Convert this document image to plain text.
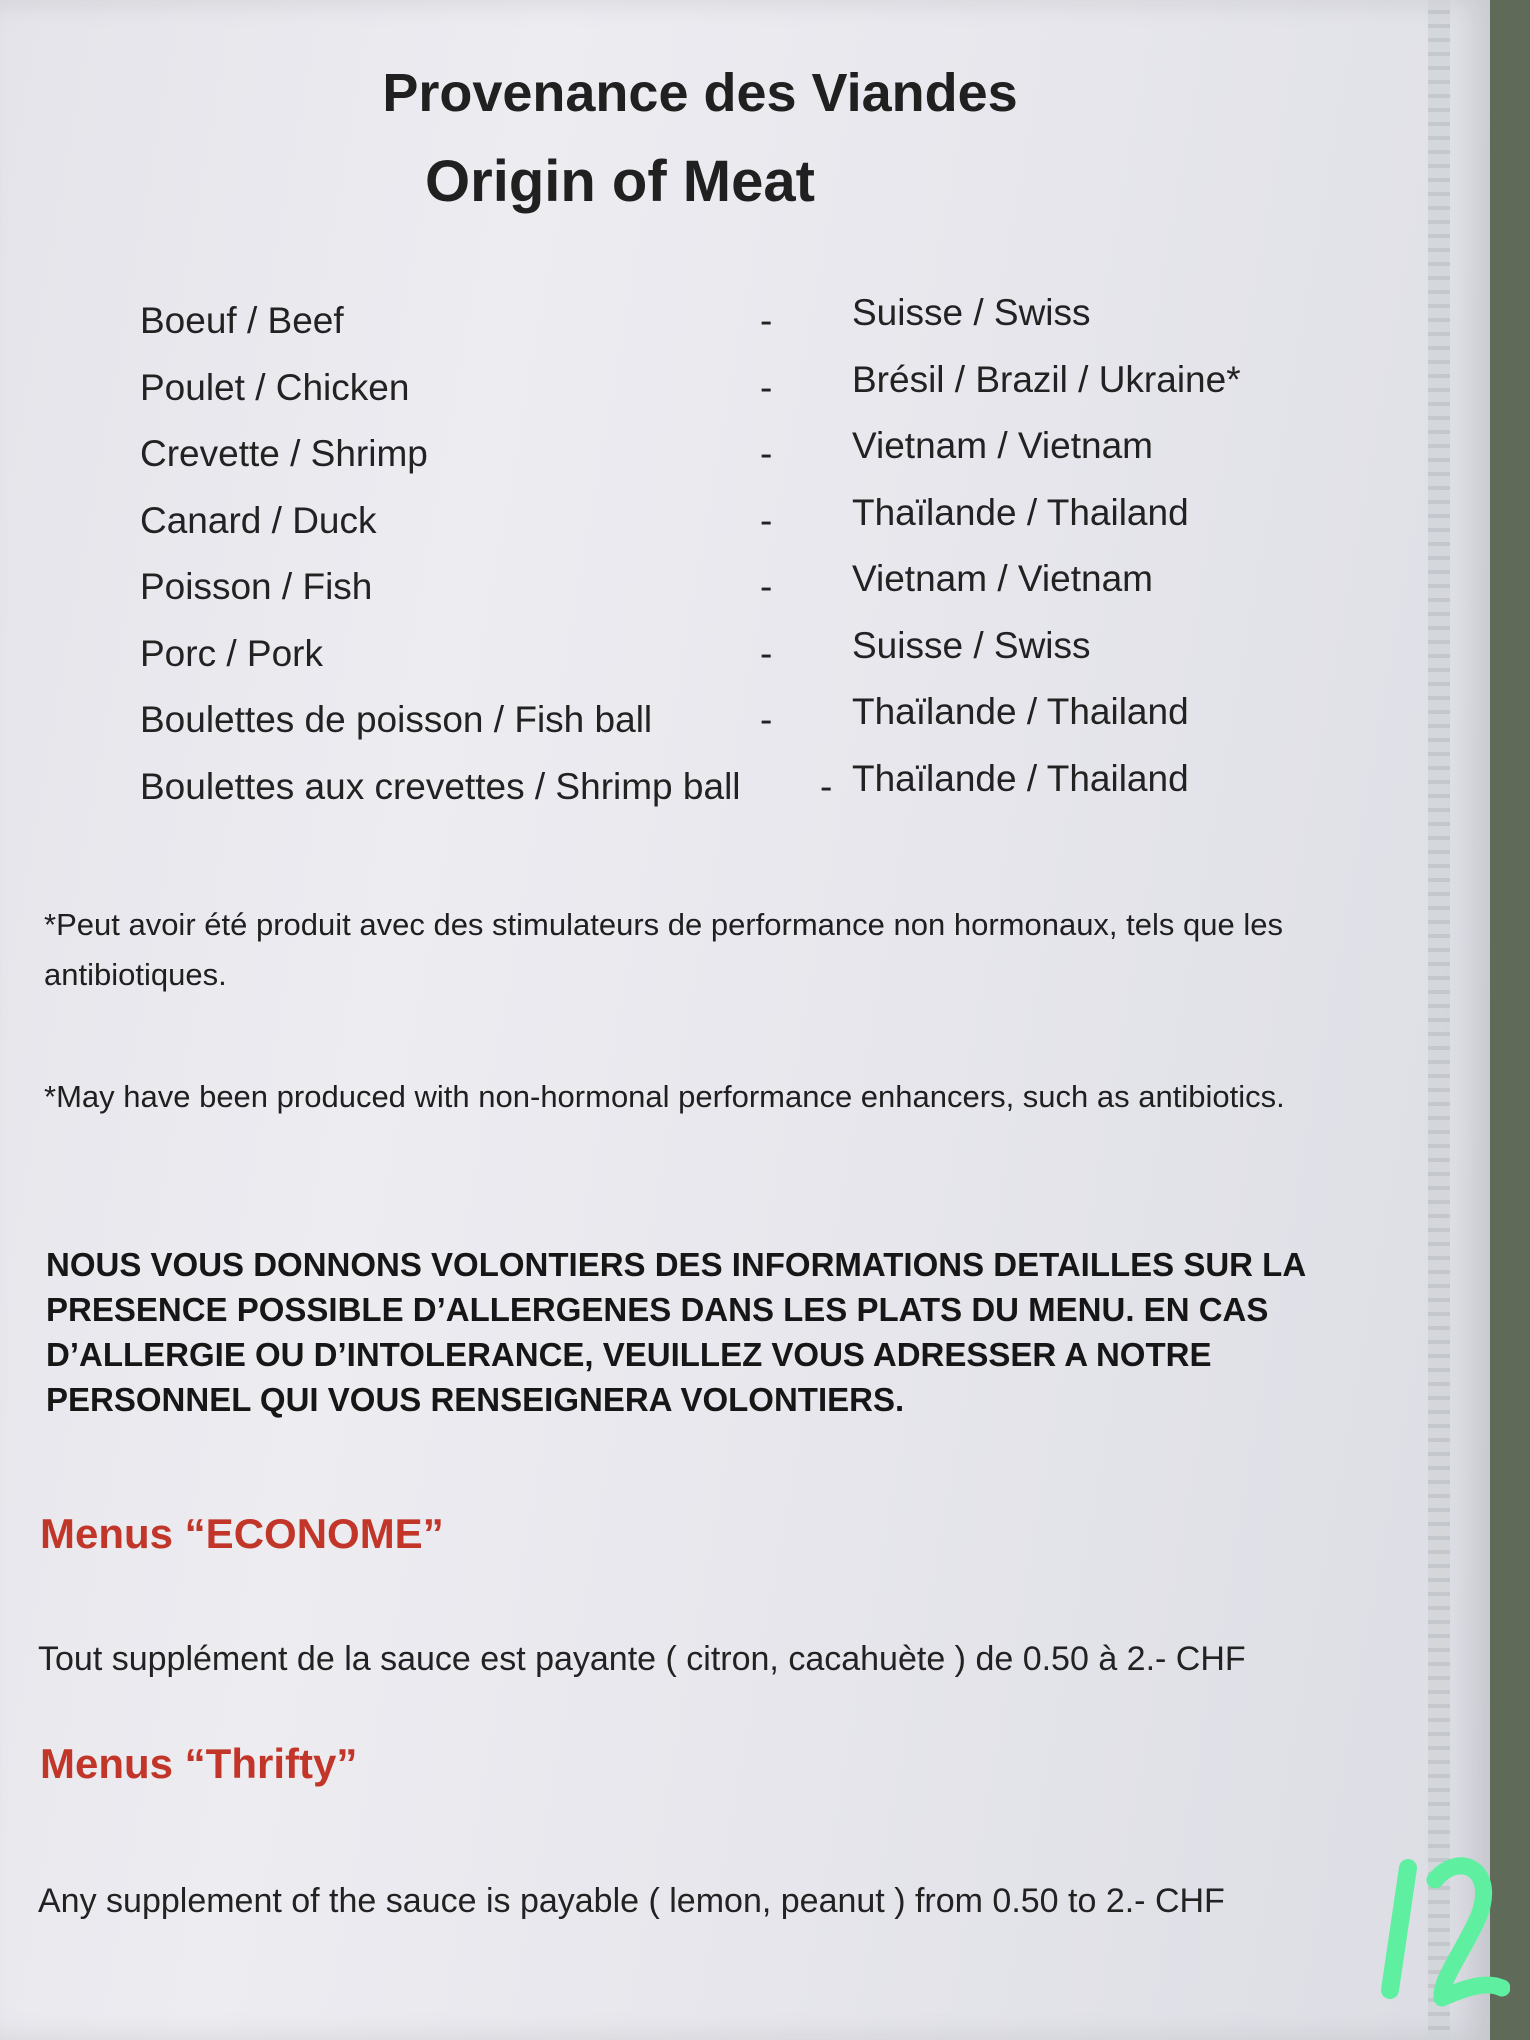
Provenance des Viandes
Origin of Meat
Boeuf / Beef	- Suisse / Swiss
Poulet / Chicken	- Brésil / Brazil / Ukraine*
Crevette / Shrimp	- Vietnam / Vietnam
Canard / Duck	- Thaïlande / Thailand
Poisson / Fish	- Vietnam / Vietnam
Porc / Pork	- Suisse / Swiss
Boulettes de poisson / Fish ball	- Thaïlande / Thailand
Boulettes aux crevettes / Shrimp ball - Thaïlande / Thailand
*Peut avoir été produit avec des stimulateurs de performance non hormonaux, tels que les antibiotiques.
*May have been produced with non-hormonal performance enhancers, such as antibiotics.
NOUS VOUS DONNONS VOLONTIERS DES INFORMATIONS DETAILLES SUR LA PRESENCE POSSIBLE D’ALLERGENES DANS LES PLATS DU MENU. EN CAS D’ALLERGIE OU D’INTOLERANCE, VEUILLEZ VOUS ADRESSER A NOTRE PERSONNEL QUI VOUS RENSEIGNERA VOLONTIERS.
Menus “ECONOME”
Tout supplément de la sauce est payante ( citron, cacahuète ) de 0.50 à 2.- CHF
Menus “Thrifty”
Any supplement of the sauce is payable ( lemon, peanut ) from 0.50 to 2.- CHF
